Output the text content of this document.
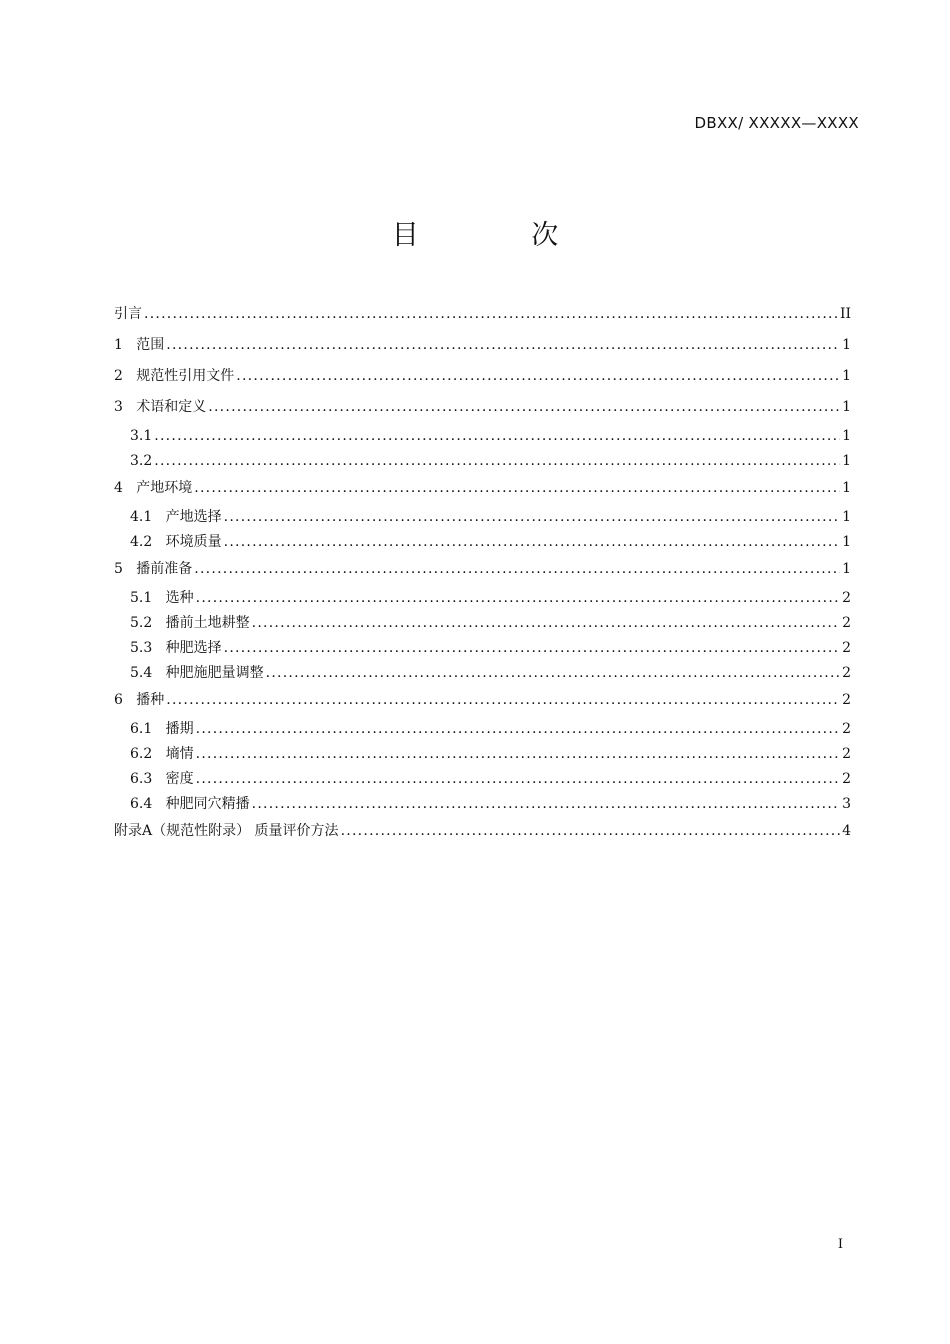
DBXX/ XXXXX—XXXX
目 次
引言 . . .	II
1 范围 . . .	1
2 规范性引用文件 . . .	1
3 术语和定义 . . .	1
3.1 . . .	1
3.2 . . .	1
4 产地环境 . . .	1
4.1 产地选择 . . .	1
4.2 环境质量 . . .	1
5 播前准备 . . .	1
5.1 选种 . . .	2
5.2 播前土地耕整 . . .	2
5.3 种肥选择 . . .	2
5.4 种肥施肥量调整 . . .	2
6 播种 . . .	2
6.1 播期 . . .	2
6.2 墒情 . . .	2
6.3 密度 . . .	2
6.4 种肥同穴精播 . . .	3
附录A（规范性附录） 质量评价方法 . . .	4
I
